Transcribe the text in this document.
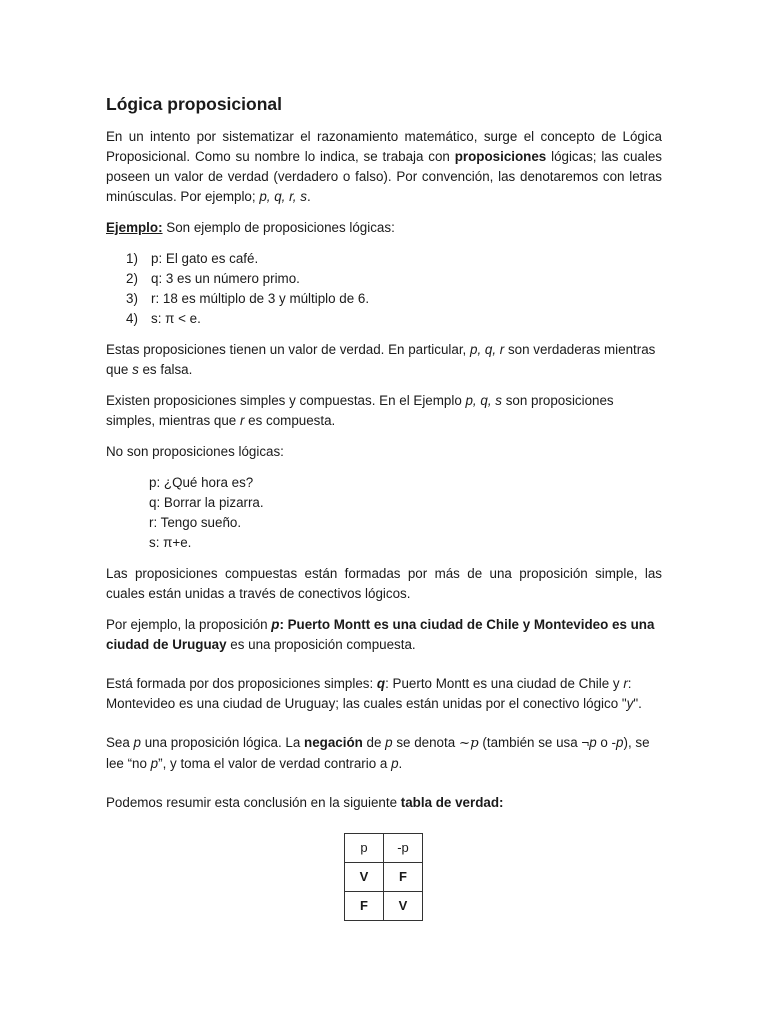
Lógica proposicional

En un intento por sistematizar el razonamiento matemático, surge el concepto de Lógica Proposicional. Como su nombre lo indica, se trabaja con proposiciones lógicas; las cuales poseen un valor de verdad (verdadero o falso). Por convención, las denotaremos con letras minúsculas. Por ejemplo; p, q, r, s.

Ejemplo: Son ejemplo de proposiciones lógicas:

1) p: El gato es café.
2) q: 3 es un número primo.
3) r: 18 es múltiplo de 3 y múltiplo de 6.
4) s: π < e.

Estas proposiciones tienen un valor de verdad. En particular, p, q, r son verdaderas mientras que s es falsa.

Existen proposiciones simples y compuestas. En el Ejemplo p, q, s son proposiciones simples, mientras que r es compuesta.

No son proposiciones lógicas:

p: ¿Qué hora es?
q: Borrar la pizarra.
r: Tengo sueño.
s: π+e.

Las proposiciones compuestas están formadas por más de una proposición simple, las cuales están unidas a través de conectivos lógicos.

Por ejemplo, la proposición p: Puerto Montt es una ciudad de Chile y Montevideo es una ciudad de Uruguay es una proposición compuesta.

Está formada por dos proposiciones simples: q: Puerto Montt es una ciudad de Chile y r: Montevideo es una ciudad de Uruguay; las cuales están unidas por el conectivo lógico "y".

Sea p una proposición lógica. La negación de p se denota ~p (también se usa ¬p o -p), se lee “no p”, y toma el valor de verdad contrario a p.

Podemos resumir esta conclusión en la siguiente tabla de verdad:

p	-p
V	F
F	V
